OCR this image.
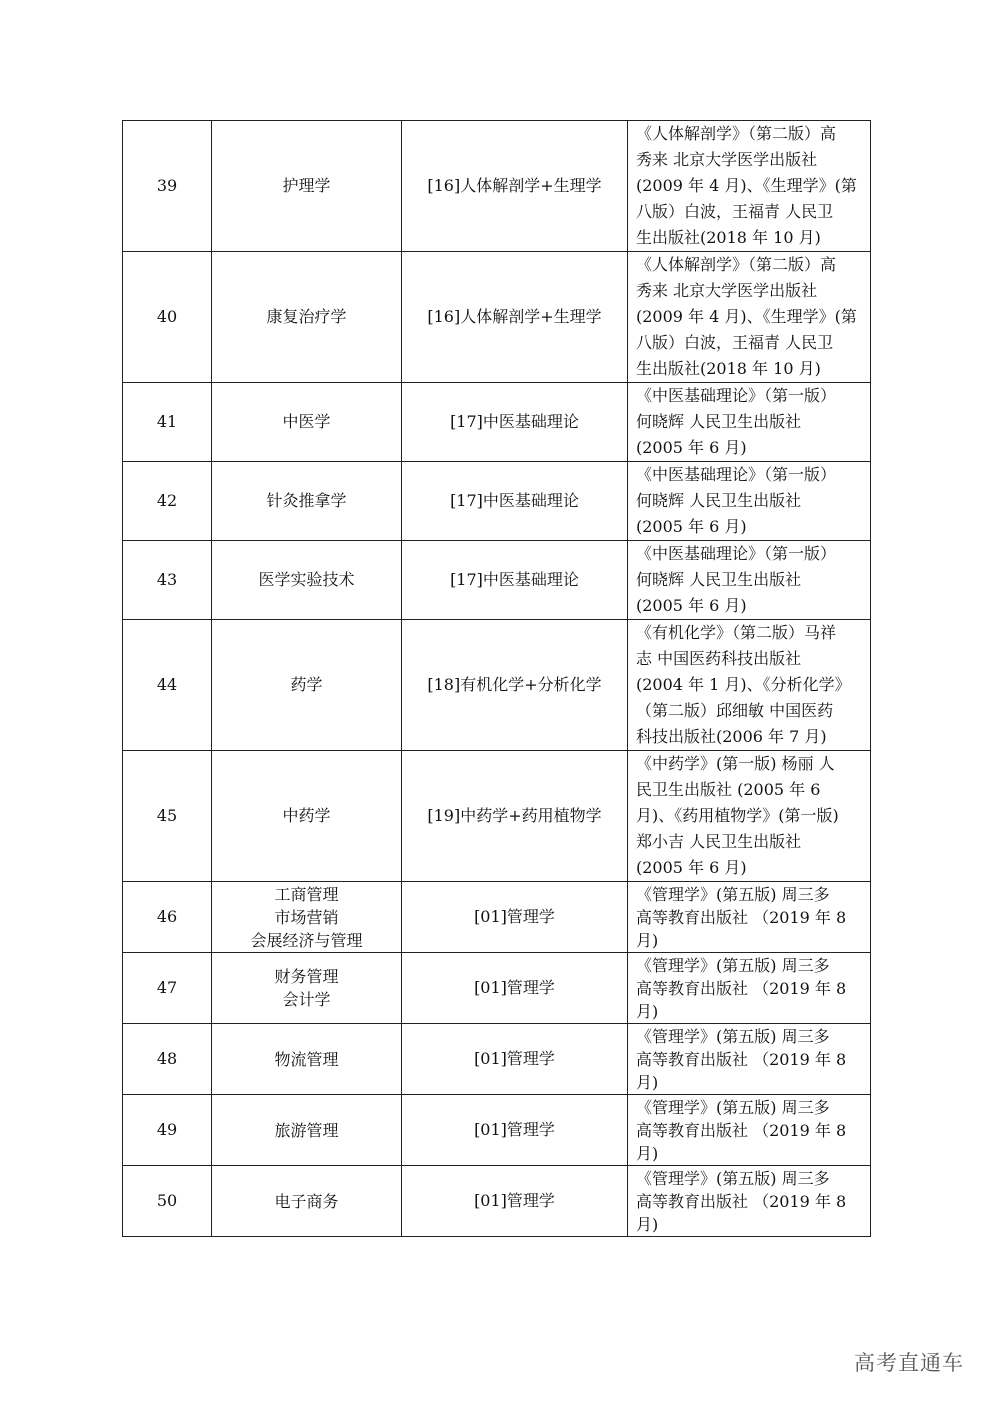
39	护理学	[16]人体解剖学+生理学	《人体解剖学》（第二版）高
秀来 北京大学医学出版社
(2009 年 4 月)、《生理学》(第
八版）白波，王福青 人民卫
生出版社(2018 年 10 月)

40	康复治疗学	[16]人体解剖学+生理学	《人体解剖学》（第二版）高
秀来 北京大学医学出版社
(2009 年 4 月)、《生理学》(第
八版）白波，王福青 人民卫
生出版社(2018 年 10 月)

41	中医学	[17]中医基础理论	《中医基础理论》（第一版）
何晓辉 人民卫生出版社
(2005 年 6 月)

42	针灸推拿学	[17]中医基础理论	《中医基础理论》（第一版）
何晓辉 人民卫生出版社
(2005 年 6 月)

43	医学实验技术	[17]中医基础理论	《中医基础理论》（第一版）
何晓辉 人民卫生出版社
(2005 年 6 月)

44	药学	[18]有机化学+分析化学	《有机化学》（第二版）马祥
志 中国医药科技出版社
(2004 年 1 月)、《分析化学》
（第二版）邱细敏 中国医药
科技出版社(2006 年 7 月)

45	中药学	[19]中药学+药用植物学	《中药学》(第一版) 杨丽 人
民卫生出版社 (2005 年 6
月)、《药用植物学》(第一版)
郑小吉 人民卫生出版社
(2005 年 6 月)

46	工商管理
市场营销
会展经济与管理	[01]管理学	《管理学》(第五版) 周三多
高等教育出版社 （2019 年 8
月)

47	财务管理
会计学	[01]管理学	《管理学》(第五版) 周三多
高等教育出版社 （2019 年 8
月)

48	物流管理	[01]管理学	《管理学》(第五版) 周三多
高等教育出版社 （2019 年 8
月)

49	旅游管理	[01]管理学	《管理学》(第五版) 周三多
高等教育出版社 （2019 年 8
月)

50	电子商务	[01]管理学	《管理学》(第五版) 周三多
高等教育出版社 （2019 年 8
月)
高考直通车
